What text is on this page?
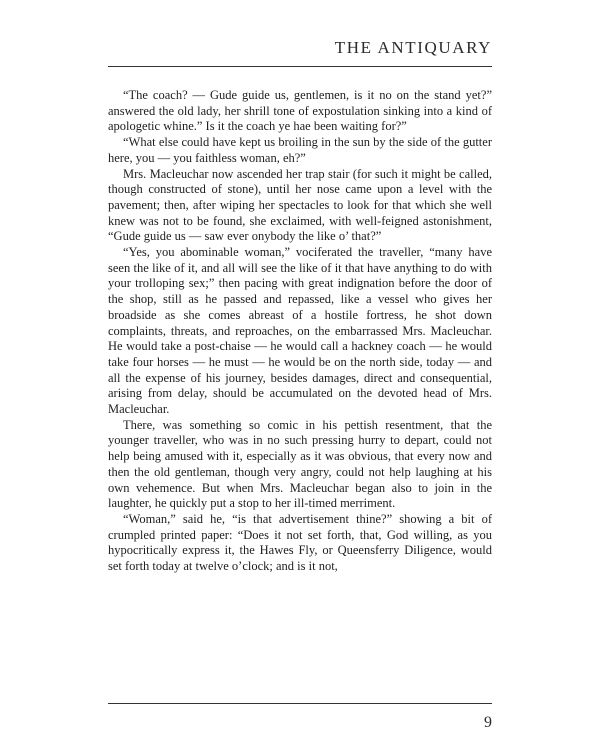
THE ANTIQUARY

“The coach? — Gude guide us, gentlemen, is it no on the stand yet?” answered the old lady, her shrill tone of expostulation sinking into a kind of apologetic whine.” Is it the coach ye hae been waiting for?”

“What else could have kept us broiling in the sun by the side of the gutter here, you — you faithless woman, eh?”

Mrs. Macleuchar now ascended her trap stair (for such it might be called, though constructed of stone), until her nose came upon a level with the pavement; then, after wiping her spectacles to look for that which she well knew was not to be found, she exclaimed, with well-feigned astonishment, “Gude guide us — saw ever onybody the like o’ that?”

“Yes, you abominable woman,” vociferated the traveller, “many have seen the like of it, and all will see the like of it that have anything to do with your trolloping sex;” then pacing with great indignation before the door of the shop, still as he passed and repassed, like a vessel who gives her broadside as she comes abreast of a hostile fortress, he shot down complaints, threats, and reproaches, on the embarrassed Mrs. Macleuchar. He would take a post-chaise — he would call a hackney coach — he would take four horses — he must — he would be on the north side, today — and all the expense of his journey, besides damages, direct and consequential, arising from delay, should be accumulated on the devoted head of Mrs. Macleuchar.

There, was something so comic in his pettish resentment, that the younger traveller, who was in no such pressing hurry to depart, could not help being amused with it, especially as it was obvious, that every now and then the old gentleman, though very angry, could not help laughing at his own vehemence. But when Mrs. Macleuchar began also to join in the laughter, he quickly put a stop to her ill-timed merriment.

“Woman,” said he, “is that advertisement thine?” showing a bit of crumpled printed paper: “Does it not set forth, that, God willing, as you hypocritically express it, the Hawes Fly, or Queensferry Diligence, would set forth today at twelve o’clock; and is it not,

9
